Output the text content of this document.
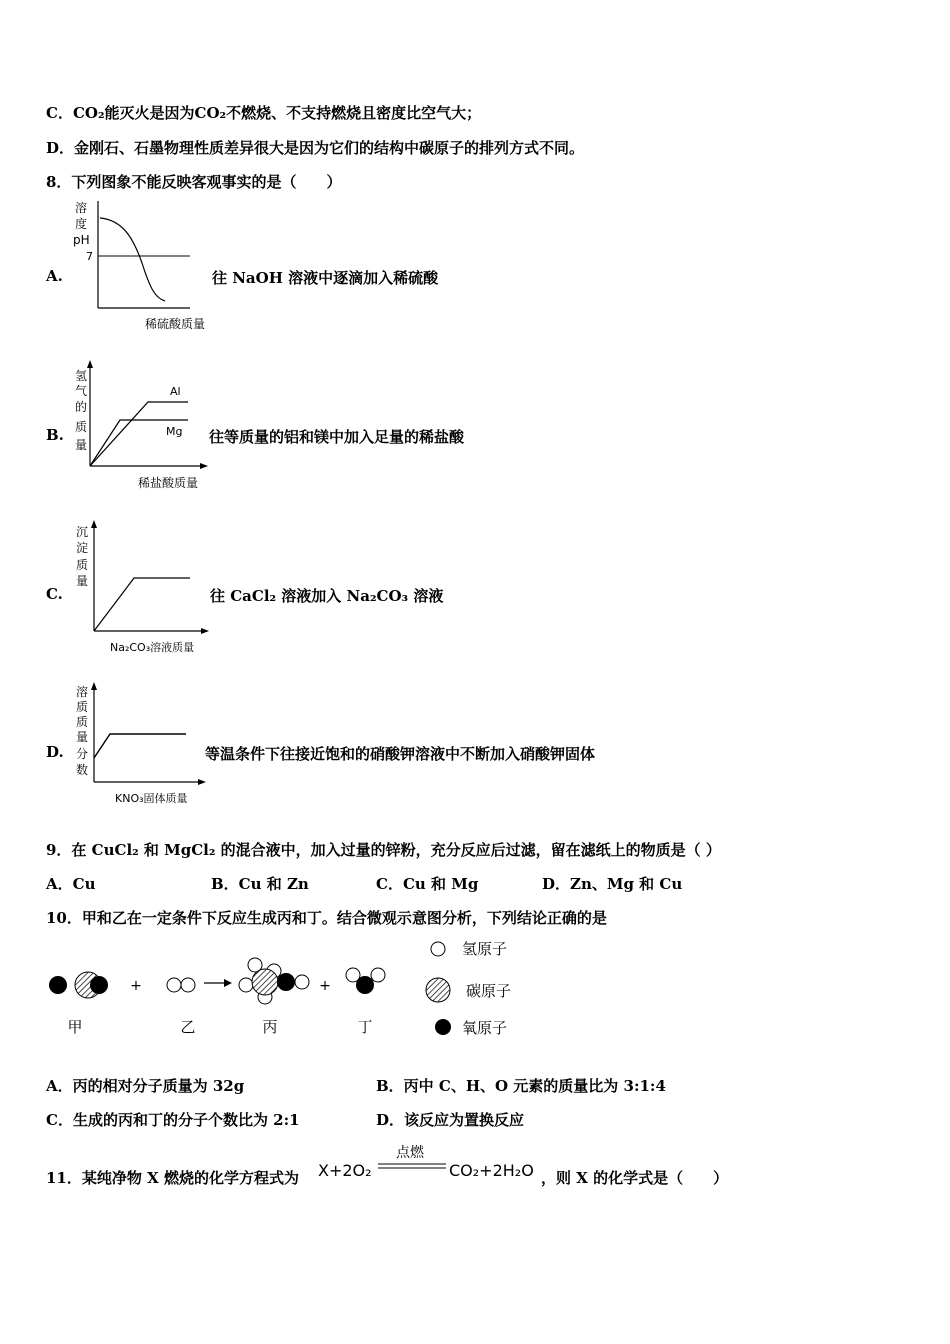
C．CO₂能灭火是因为CO₂不燃烧、不支持燃烧且密度比空气大；
D．金刚石、石墨物理性质差异很大是因为它们的结构中碳原子的排列方式不同。
8．下列图象不能反映客观事实的是（　　）
A.
溶
度
pH
7
稀硫酸质量
往 NaOH 溶液中逐滴加入稀硫酸
B.
氢
气
的
质
量
Al
Mg
稀盐酸质量
往等质量的铝和镁中加入足量的稀盐酸
C.
沉
淀
质
量
Na₂CO₃溶液质量
往 CaCl₂ 溶液加入 Na₂CO₃ 溶液
D.
溶
质
质
量
分
数
KNO₃固体质量
等温条件下往接近饱和的硝酸钾溶液中不断加入硝酸钾固体
9．在 CuCl₂ 和 MgCl₂ 的混合液中，加入过量的锌粉，充分反应后过滤，留在滤纸上的物质是（ ）
A．Cu	B．Cu 和 Zn	C．Cu 和 Mg	D．Zn、Mg 和 Cu
10．甲和乙在一定条件下反应生成丙和丁。结合微观示意图分析，下列结论正确的是
甲
+
乙	丙
+
丁
氢原子
碳原子
氧原子
A．丙的相对分子质量为 32g	B．丙中 C、H、O 元素的质量比为 3:1:4
C．生成的丙和丁的分子个数比为 2:1	D．该反应为置换反应
11．某纯净物 X 燃烧的化学方程式为 X+2O₂
点燃
CO₂+2H₂O ，则 X 的化学式是（　　）
